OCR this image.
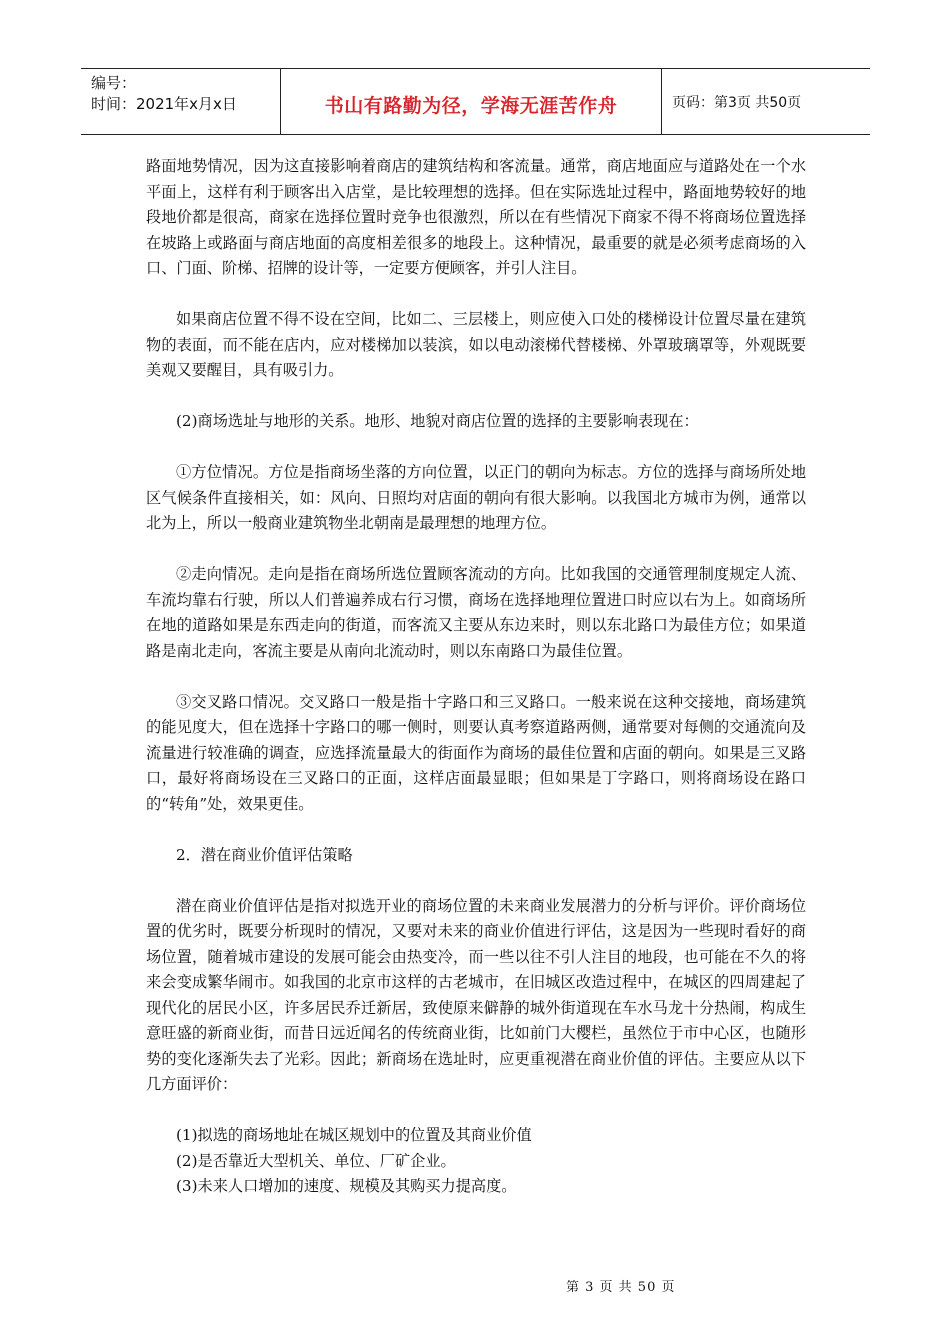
编号：
时间：2021年x月x日	书山有路勤为径，学海无涯苦作舟	页码：第3页 共50页

路面地势情况，因为这直接影响着商店的建筑结构和客流量。通常，商店地面应与道路处在一个水平面上，这样有利于顾客出入店堂，是比较理想的选择。但在实际选址过程中，路面地势较好的地段地价都是很高，商家在选择位置时竞争也很激烈，所以在有些情况下商家不得不将商场位置选择在坡路上或路面与商店地面的高度相差很多的地段上。这种情况，最重要的就是必须考虑商场的入口、门面、阶梯、招牌的设计等，一定要方便顾客，并引人注目。

如果商店位置不得不设在空间，比如二、三层楼上，则应使入口处的楼梯设计位置尽量在建筑物的表面，而不能在店内，应对楼梯加以装滨，如以电动滚梯代替楼梯、外罩玻璃罩等，外观既要美观又要醒目，具有吸引力。

(2)商场选址与地形的关系。地形、地貌对商店位置的选择的主要影响表现在：

①方位情况。方位是指商场坐落的方向位置，以正门的朝向为标志。方位的选择与商场所处地区气候条件直接相关，如：风向、日照均对店面的朝向有很大影响。以我国北方城市为例，通常以北为上，所以一般商业建筑物坐北朝南是最理想的地理方位。

②走向情况。走向是指在商场所选位置顾客流动的方向。比如我国的交通管理制度规定人流、车流均靠右行驶，所以人们普遍养成右行习惯，商场在选择地理位置进口时应以右为上。如商场所在地的道路如果是东西走向的街道，而客流又主要从东边来时，则以东北路口为最佳方位；如果道路是南北走向，客流主要是从南向北流动时，则以东南路口为最佳位置。

③交叉路口情况。交叉路口一般是指十字路口和三叉路口。一般来说在这种交接地，商场建筑的能见度大，但在选择十字路口的哪一侧时，则要认真考察道路两侧，通常要对每侧的交通流向及流量进行较准确的调查，应选择流量最大的街面作为商场的最佳位置和店面的朝向。如果是三叉路口，最好将商场设在三叉路口的正面，这样店面最显眼；但如果是丁字路口，则将商场设在路口的“转角”处，效果更佳。

2．潜在商业价值评估策略

潜在商业价值评估是指对拟选开业的商场位置的未来商业发展潜力的分析与评价。评价商场位置的优劣时，既要分析现时的情况，又要对未来的商业价值进行评估，这是因为一些现时看好的商场位置，随着城市建设的发展可能会由热变冷，而一些以往不引人注目的地段，也可能在不久的将来会变成繁华闹市。如我国的北京市这样的古老城市，在旧城区改造过程中，在城区的四周建起了现代化的居民小区，许多居民乔迁新居，致使原来僻静的城外街道现在车水马龙十分热闹，构成生意旺盛的新商业街，而昔日远近闻名的传统商业街，比如前门大樱栏，虽然位于市中心区，也随形势的变化逐渐失去了光彩。因此；新商场在选址时，应更重视潜在商业价值的评估。主要应从以下几方面评价：

(1)拟选的商场地址在城区规划中的位置及其商业价值
(2)是否靠近大型机关、单位、厂矿企业。
(3)未来人口增加的速度、规模及其购买力提高度。
第 3 页 共 50 页
